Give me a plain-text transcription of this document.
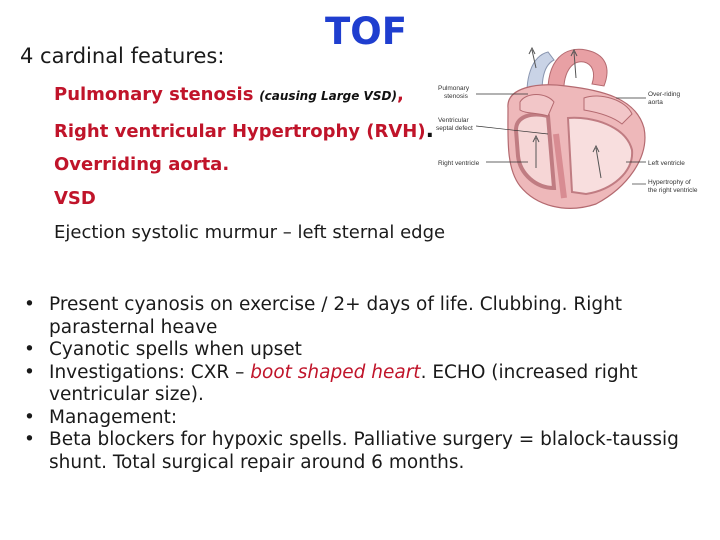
4 cardinal features:
TOF
Pulmonary stenosis (causing Large VSD),
Right ventricular Hypertrophy (RVH).
Overriding aorta.
VSD
Ejection systolic murmur – left sternal edge
Pulmonary
stenosis
Ventricular
septal defect
Right ventricle
Over-riding
aorta
Left ventricle
Hypertrophy of
the right ventricle

• Present cyanosis on exercise / 2+ days of life. Clubbing. Right
parasternal heave

• Cyanotic spells when upset

• Investigations: CXR – boot shaped heart. ECHO (increased right
ventricular size).

• Management:

• Beta blockers for hypoxic spells. Palliative surgery = blalock-taussig
shunt. Total surgical repair around 6 months.
